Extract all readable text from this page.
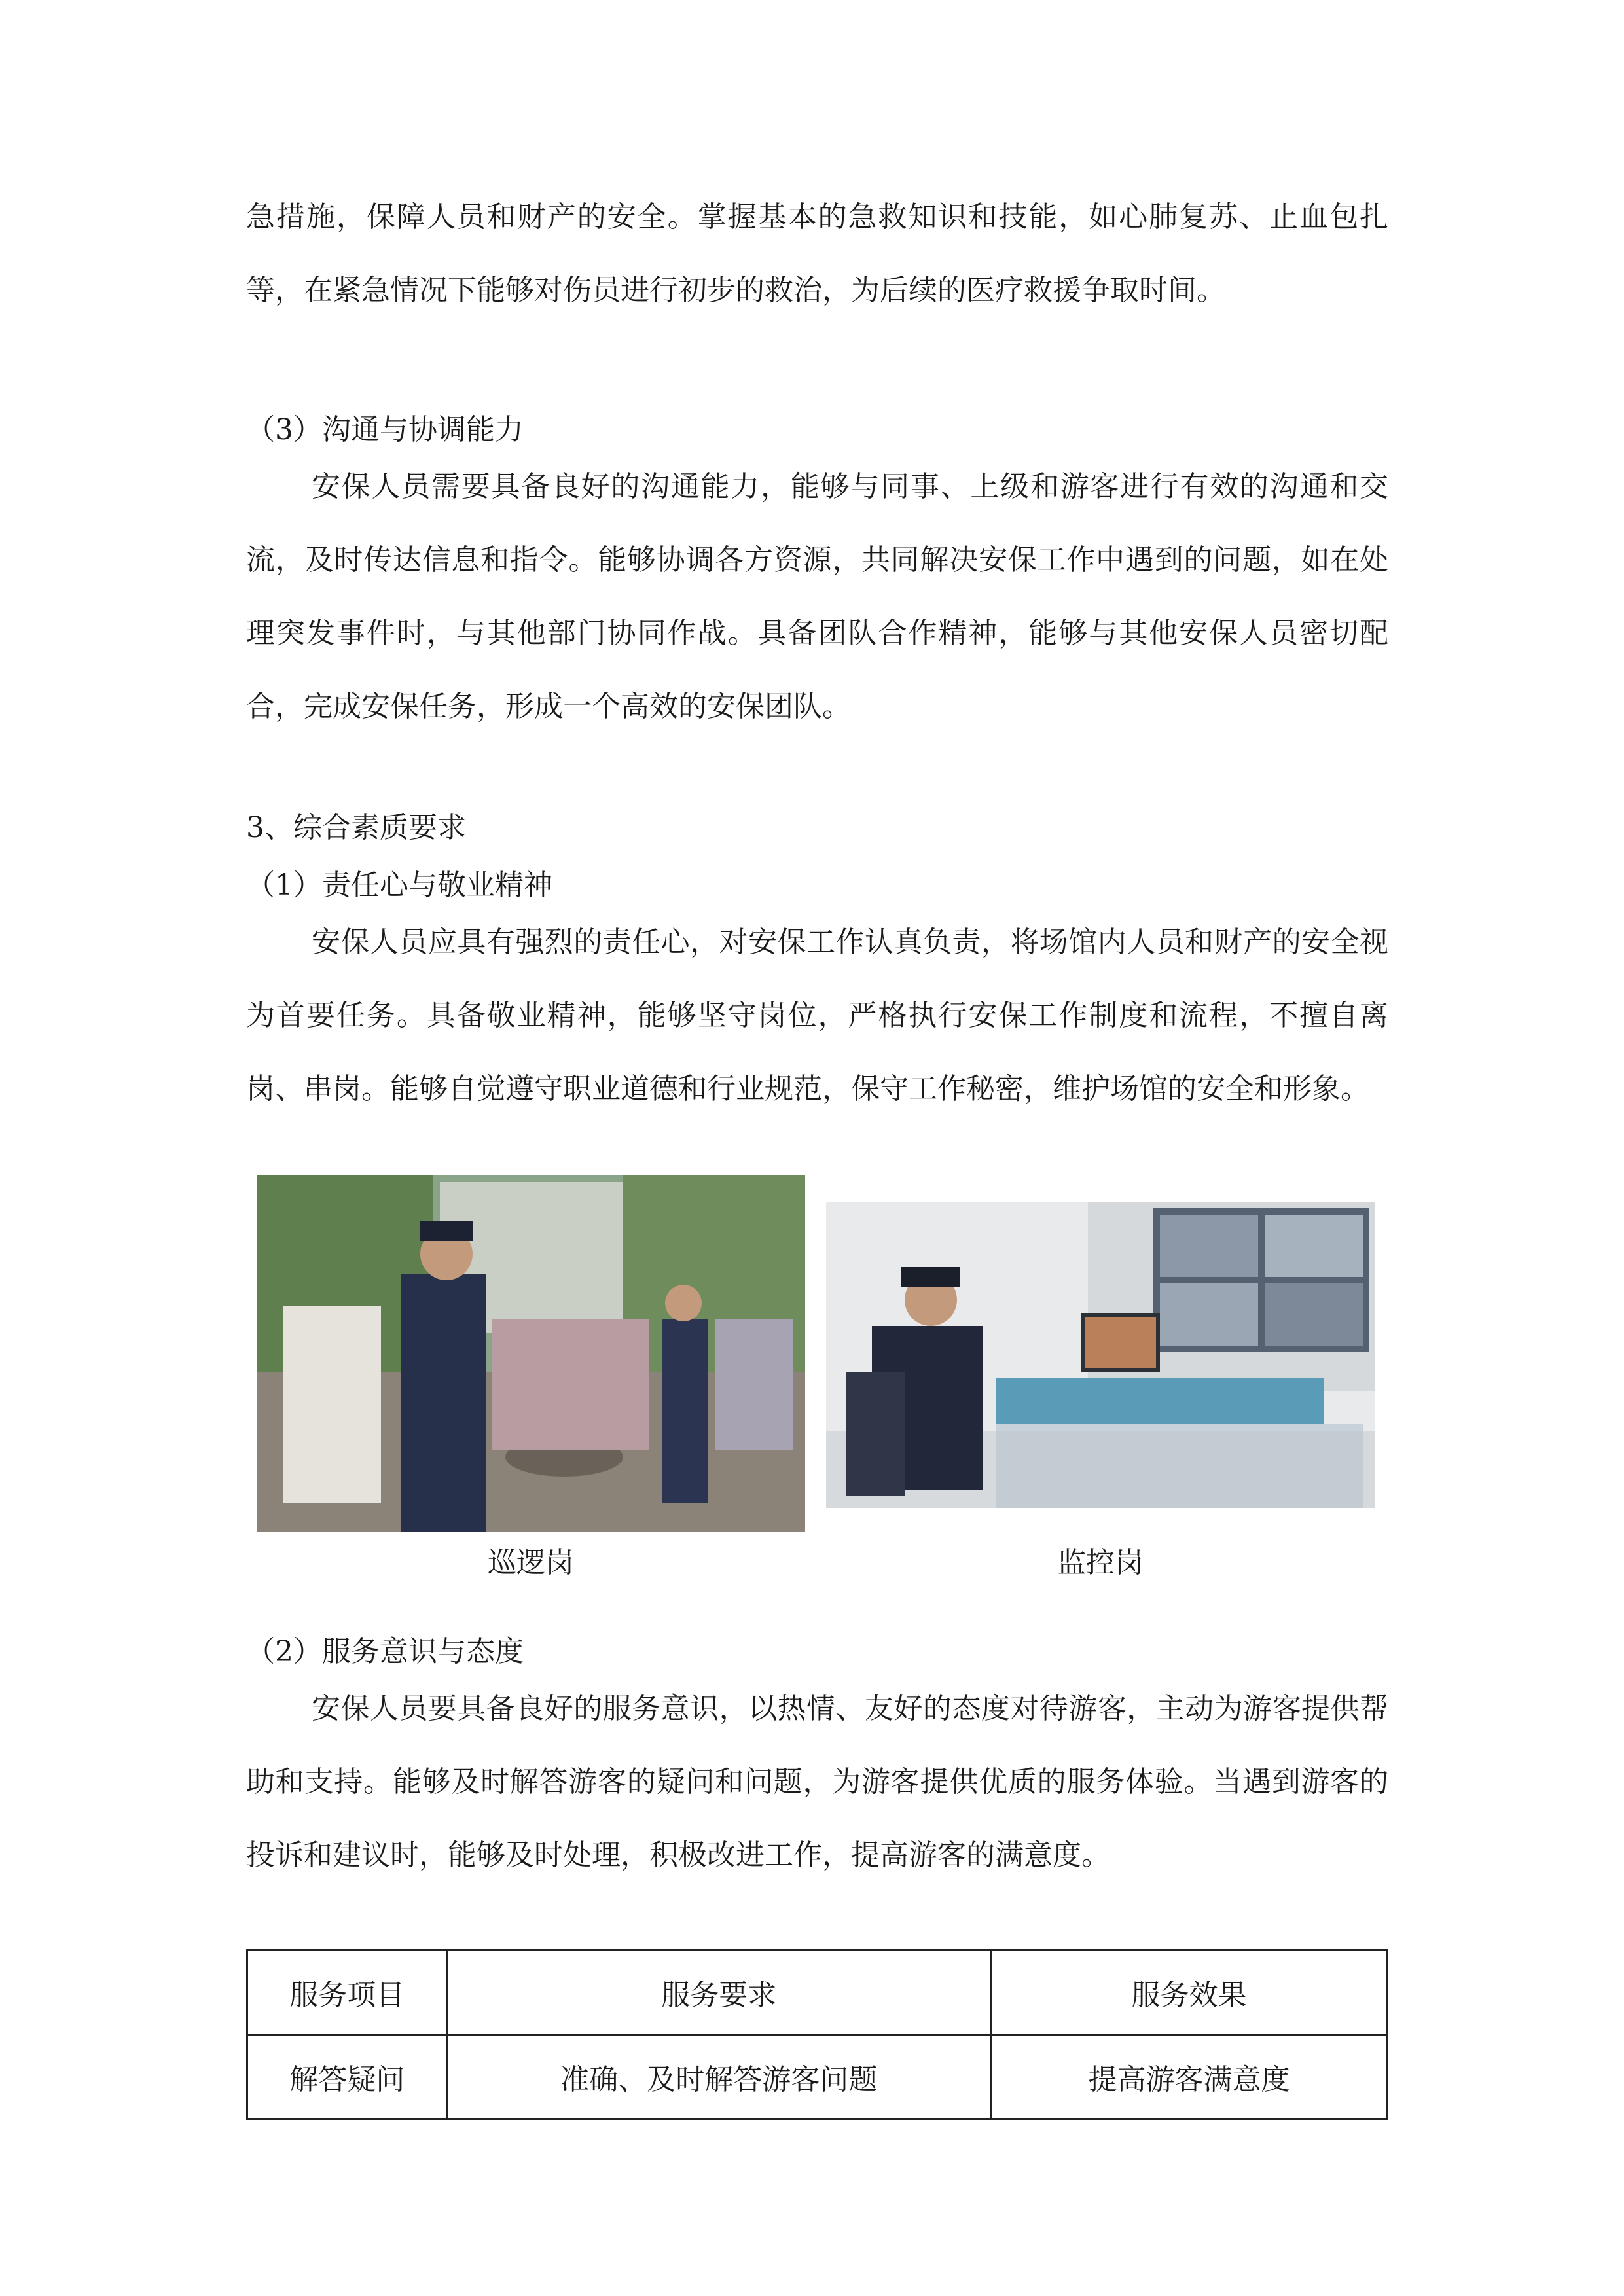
急措施，保障人员和财产的安全。掌握基本的急救知识和技能，如心肺复苏、止血包扎等，在紧急情况下能够对伤员进行初步的救治，为后续的医疗救援争取时间。

（3）沟通与协调能力

安保人员需要具备良好的沟通能力，能够与同事、上级和游客进行有效的沟通和交流，及时传达信息和指令。能够协调各方资源，共同解决安保工作中遇到的问题，如在处理突发事件时，与其他部门协同作战。具备团队合作精神，能够与其他安保人员密切配合，完成安保任务，形成一个高效的安保团队。

3、综合素质要求

（1）责任心与敬业精神

安保人员应具有强烈的责任心，对安保工作认真负责，将场馆内人员和财产的安全视为首要任务。具备敬业精神，能够坚守岗位，严格执行安保工作制度和流程，不擅自离岗、串岗。能够自觉遵守职业道德和行业规范，保守工作秘密，维护场馆的安全和形象。

巡逻岗	监控岗

（2）服务意识与态度

安保人员要具备良好的服务意识，以热情、友好的态度对待游客，主动为游客提供帮助和支持。能够及时解答游客的疑问和问题，为游客提供优质的服务体验。当遇到游客的投诉和建议时，能够及时处理，积极改进工作，提高游客的满意度。

服务项目	服务要求	服务效果
解答疑问	准确、及时解答游客问题	提高游客满意度
